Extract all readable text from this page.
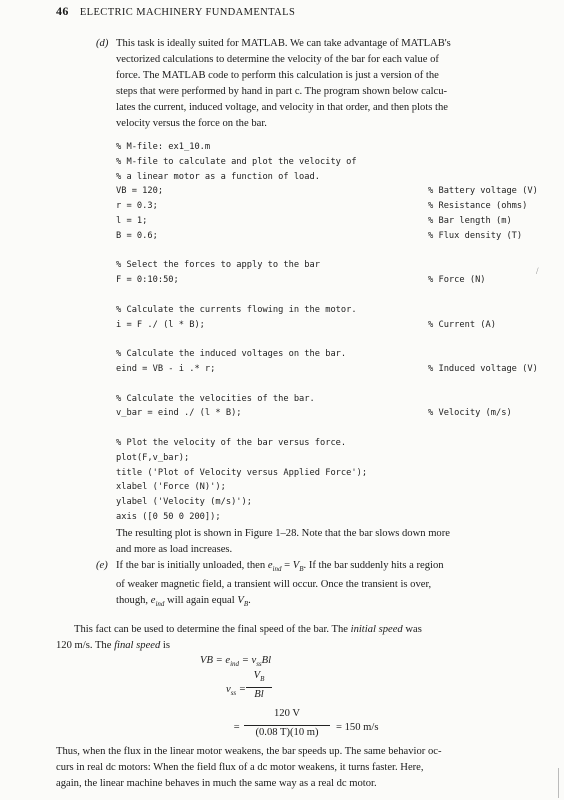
46 ELECTRIC MACHINERY FUNDAMENTALS
(d) This task is ideally suited for MATLAB. We can take advantage of MATLAB's
vectorized calculations to determine the velocity of the bar for each value of
force. The MATLAB code to perform this calculation is just a version of the
steps that were performed by hand in part c. The program shown below calcu-
lates the current, induced voltage, and velocity in that order, and then plots the
velocity versus the force on the bar.
% M-file: ex1_10.m
% M-file to calculate and plot the velocity of
% a linear motor as a function of load.
VB = 120;	% Battery voltage (V)
r = 0.3;	% Resistance (ohms)
l = 1;	% Bar length (m)
B = 0.6;	% Flux density (T)
% Select the forces to apply to the bar
F = 0:10:50;	% Force (N)
% Calculate the currents flowing in the motor.
i = F ./ (l * B);	% Current (A)
% Calculate the induced voltages on the bar.
eind = VB - i .* r;	% Induced voltage (V)
% Calculate the velocities of the bar.
v_bar = eind ./ (l * B);	% Velocity (m/s)
% Plot the velocity of the bar versus force.
plot(F,v_bar);
title ('Plot of Velocity versus Applied Force');
xlabel ('Force (N)');
ylabel ('Velocity (m/s)');
axis ([0 50 0 200]);
The resulting plot is shown in Figure 1–28. Note that the bar slows down more
and more as load increases.
(e) If the bar is initially unloaded, then $e_{ind} = V_B$. If the bar suddenly hits a region
of weaker magnetic field, a transient will occur. Once the transient is over,
though, $e_{ind}$ will again equal $V_B$.
This fact can be used to determine the final speed of the bar. The initial speed was
120 m/s. The final speed is
VB = $e_{ind} = v_{ss}Bl$
$v_{ss}$ =
$V_B$
Bl
=
120 V
(0.08 T)(10 m)	= 150 m/s
Thus, when the flux in the linear motor weakens, the bar speeds up. The same behavior oc-
curs in real dc motors: When the field flux of a dc motor weakens, it turns faster. Here,
again, the linear machine behaves in much the same way as a real dc motor.
/
